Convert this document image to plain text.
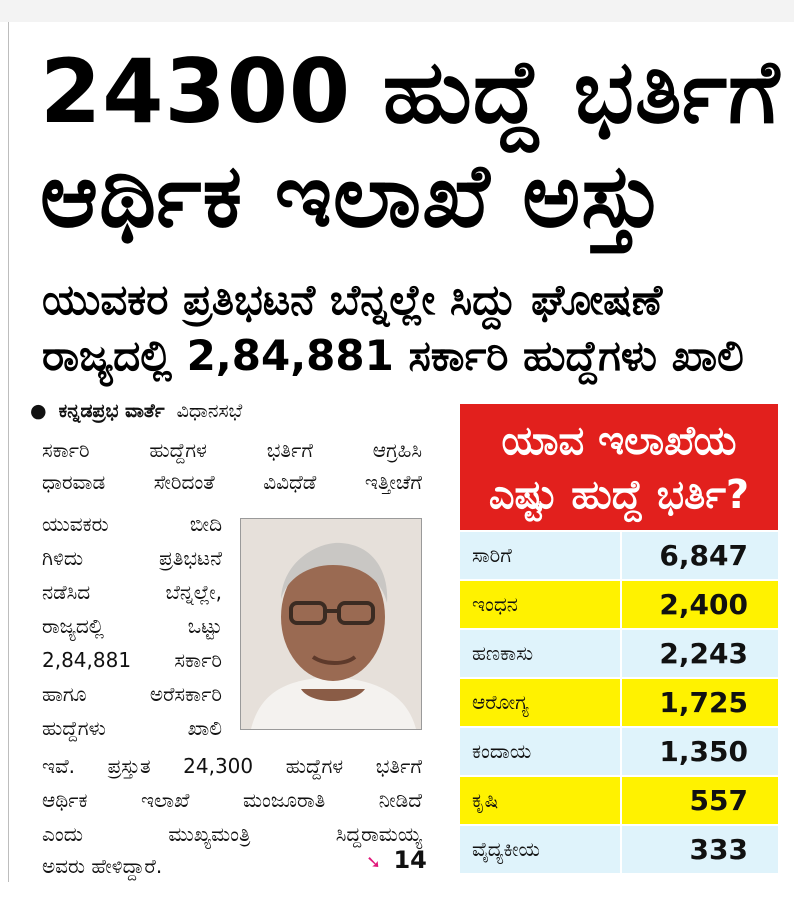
24300 ಹುದ್ದೆ ಭರ್ತಿಗೆ
ಆರ್ಥಿಕ ಇಲಾಖೆ ಅಸ್ತು
ಯುವಕರ ಪ್ರತಿಭಟನೆ ಬೆನ್ನಲ್ಲೇ ಸಿದ್ದು ಘೋಷಣೆ
ರಾಜ್ಯದಲ್ಲಿ 2,84,881 ಸರ್ಕಾರಿ ಹುದ್ದೆಗಳು ಖಾಲಿ
● ಕನ್ನಡಪ್ರಭ ವಾರ್ತೆ ವಿಧಾನಸಭೆ
ಸರ್ಕಾರಿ ಹುದ್ದೆಗಳ ಭರ್ತಿಗೆ ಆಗ್ರಹಿಸಿ
ಧಾರವಾಡ ಸೇರಿದಂತೆ ವಿವಿಧೆಡೆ ಇತ್ತೀಚೆಗೆ
ಯುವಕರು ಬೀದಿ
ಗಿಳಿದು ಪ್ರತಿಭಟನೆ
ನಡೆಸಿದ ಬೆನ್ನಲ್ಲೇ,
ರಾಜ್ಯದಲ್ಲಿ ಒಟ್ಟು
2,84,881 ಸರ್ಕಾರಿ
ಹಾಗೂ ಅರೆಸರ್ಕಾರಿ
ಹುದ್ದೆಗಳು ಖಾಲಿ
ಇವೆ. ಪ್ರಸ್ತುತ 24,300 ಹುದ್ದೆಗಳ ಭರ್ತಿಗೆ
ಆರ್ಥಿಕ ಇಲಾಖೆ ಮಂಜೂರಾತಿ ನೀಡಿದೆ
ಎಂದು ಮುಖ್ಯಮಂತ್ರಿ ಸಿದ್ದರಾಮಯ್ಯ
ಅವರು ಹೇಳಿದ್ದಾರೆ.	➘ 14
ಯಾವ ಇಲಾಖೆಯ
ಎಷ್ಟು ಹುದ್ದೆ ಭರ್ತಿ?
ಸಾರಿಗೆ	6,847
ಇಂಧನ	2,400
ಹಣಕಾಸು	2,243
ಆರೋಗ್ಯ	1,725
ಕಂದಾಯ	1,350
ಕೃಷಿ	557
ವೈದ್ಯಕೀಯ	333
